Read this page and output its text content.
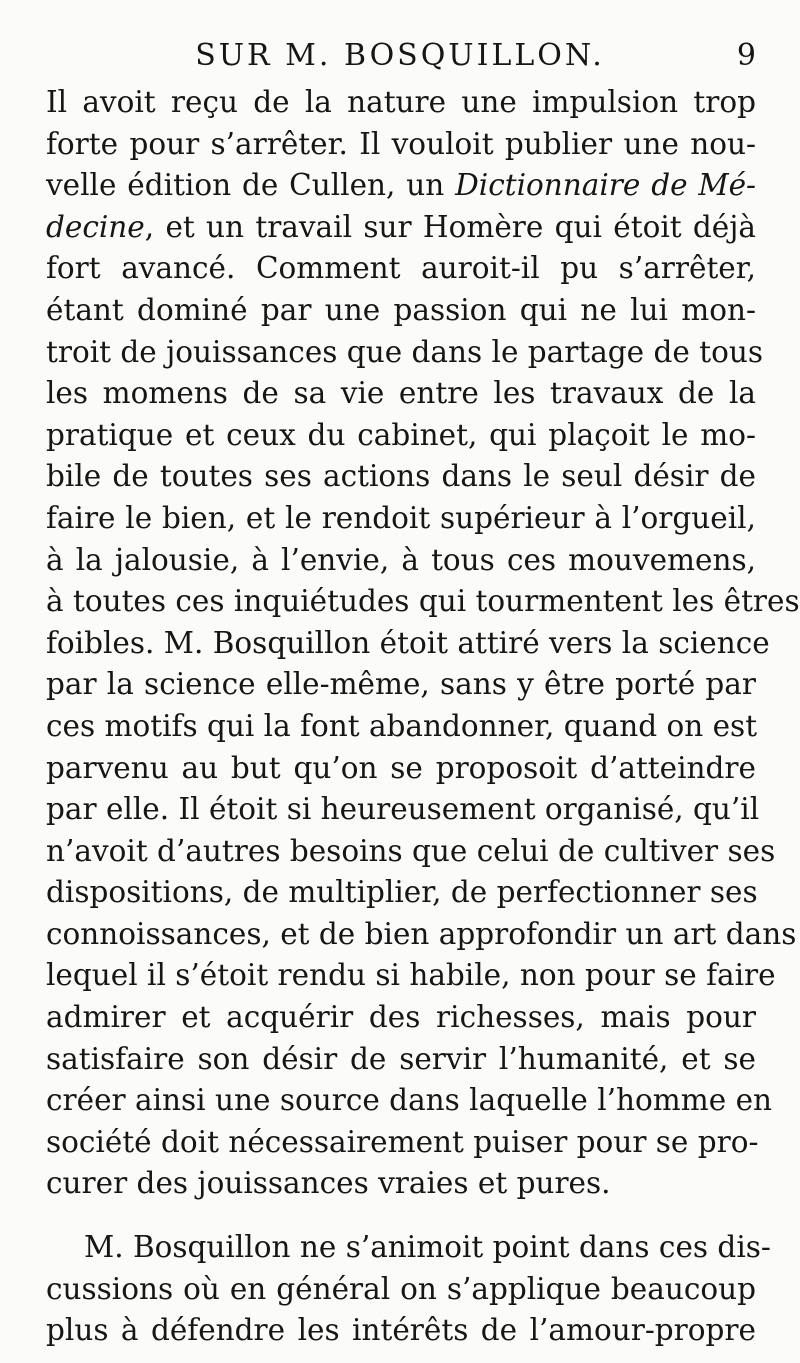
SUR M. BOSQUILLON.	9
Il avoit reçu de la nature une impulsion trop
forte pour s’arrêter. Il vouloit publier une nou-
velle édition de Cullen, un Dictionnaire de Mé-
decine, et un travail sur Homère qui étoit déjà
fort avancé. Comment auroit-il pu s’arrêter,
étant dominé par une passion qui ne lui mon-
troit de jouissances que dans le partage de tous
les momens de sa vie entre les travaux de la
pratique et ceux du cabinet, qui plaçoit le mo-
bile de toutes ses actions dans le seul désir de
faire le bien, et le rendoit supérieur à l’orgueil,
à la jalousie, à l’envie, à tous ces mouvemens,
à toutes ces inquiétudes qui tourmentent les êtres
foibles. M. Bosquillon étoit attiré vers la science
par la science elle-même, sans y être porté par
ces motifs qui la font abandonner, quand on est
parvenu au but qu’on se proposoit d’atteindre
par elle. Il étoit si heureusement organisé, qu’il
n’avoit d’autres besoins que celui de cultiver ses
dispositions, de multiplier, de perfectionner ses
connoissances, et de bien approfondir un art dans
lequel il s’étoit rendu si habile, non pour se faire
admirer et acquérir des richesses, mais pour
satisfaire son désir de servir l’humanité, et se
créer ainsi une source dans laquelle l’homme en
société doit nécessairement puiser pour se pro-
curer des jouissances vraies et pures.
M. Bosquillon ne s’animoit point dans ces dis-
cussions où en général on s’applique beaucoup
plus à défendre les intérêts de l’amour-propre
